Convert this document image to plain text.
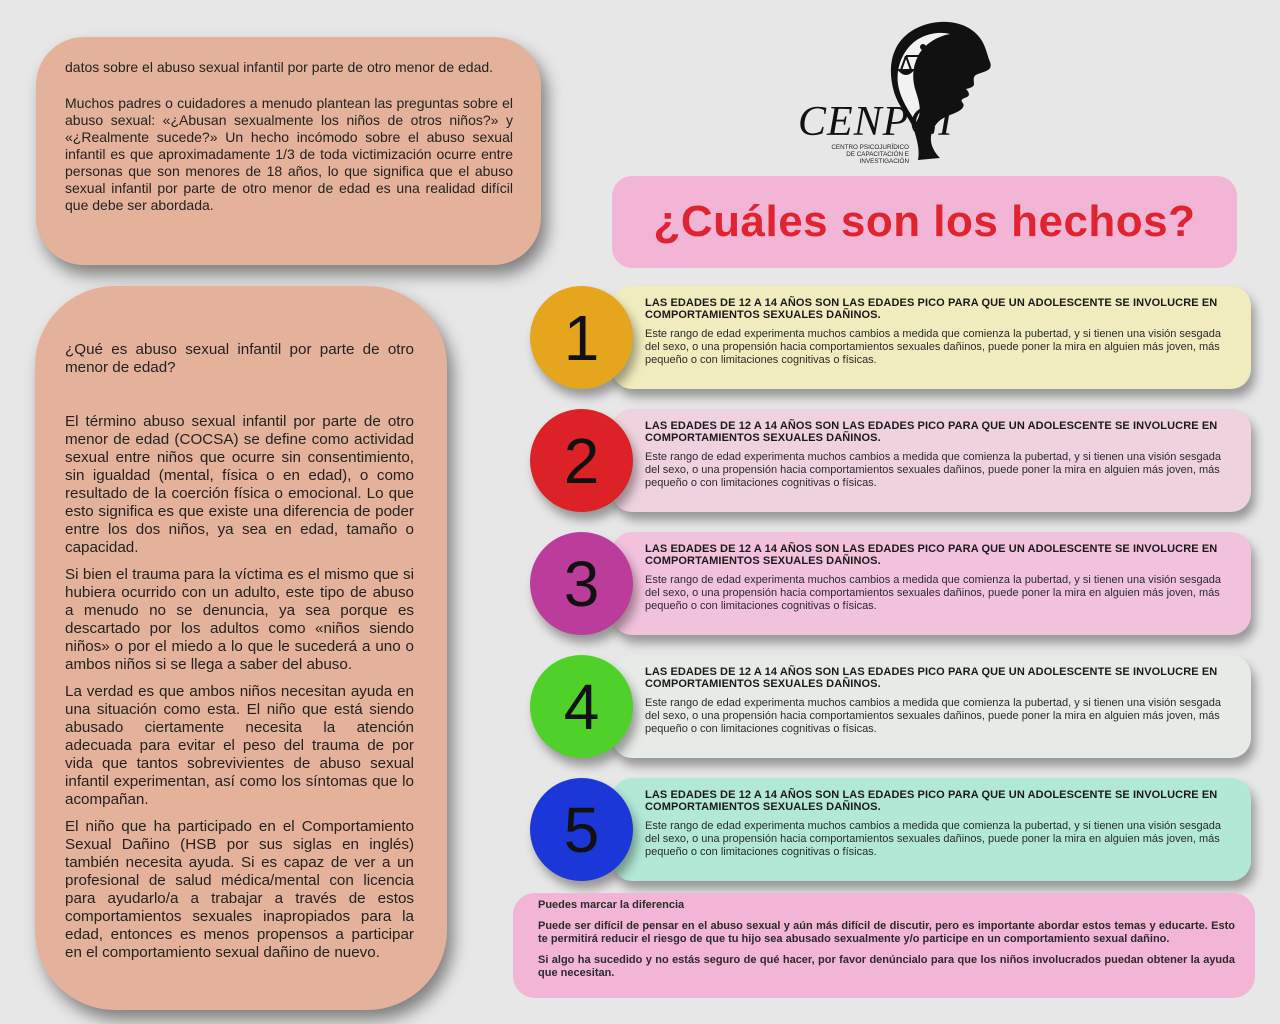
datos sobre el abuso sexual infantil por parte de otro menor de edad.

Muchos padres o cuidadores a menudo plantean las preguntas sobre el abuso sexual: «¿Abusan sexualmente los niños de otros niños?» y «¿Realmente sucede?» Un hecho incómodo sobre el abuso sexual infantil es que aproximadamente 1/3 de toda victimización ocurre entre personas que son menores de 18 años, lo que significa que el abuso sexual infantil por parte de otro menor de edad es una realidad difícil que debe ser abordada.

¿Qué es abuso sexual infantil por parte de otro menor de edad?

El término abuso sexual infantil por parte de otro menor de edad (COCSA) se define como actividad sexual entre niños que ocurre sin consentimiento, sin igualdad (mental, física o en edad), o como resultado de la coerción física o emocional. Lo que esto significa es que existe una diferencia de poder entre los dos niños, ya sea en edad, tamaño o capacidad.

Si bien el trauma para la víctima es el mismo que si hubiera ocurrido con un adulto, este tipo de abuso a menudo no se denuncia, ya sea porque es descartado por los adultos como «niños siendo niños» o por el miedo a lo que le sucederá a uno o ambos niños si se llega a saber del abuso.

La verdad es que ambos niños necesitan ayuda en una situación como esta. El niño que está siendo abusado ciertamente necesita la atención adecuada para evitar el peso del trauma de por vida que tantos sobrevivientes de abuso sexual infantil experimentan, así como los síntomas que lo acompañan.

El niño que ha participado en el Comportamiento Sexual Dañino (HSB por sus siglas en inglés) también necesita ayuda. Si es capaz de ver a un profesional de salud médica/mental con licencia para ayudarlo/a a trabajar a través de estos comportamientos sexuales inapropiados para la edad, entonces es menos propensos a participar en el comportamiento sexual dañino de nuevo.

CENPCI
CENTRO PSICOJURÍDICO
DE CAPACITACIÓN E INVESTIGACIÓN
¿Cuáles son los hechos?
LAS EDADES DE 12 A 14 AÑOS SON LAS EDADES PICO PARA QUE UN ADOLESCENTE SE INVOLUCRE EN COMPORTAMIENTOS SEXUALES DAÑINOS.
Este rango de edad experimenta muchos cambios a medida que comienza la pubertad, y si tienen una visión sesgada del sexo, o una propensión hacia comportamientos sexuales dañinos, puede poner la mira en alguien más joven, más pequeño o con limitaciones cognitivas o físicas.
1
LAS EDADES DE 12 A 14 AÑOS SON LAS EDADES PICO PARA QUE UN ADOLESCENTE SE INVOLUCRE EN COMPORTAMIENTOS SEXUALES DAÑINOS.
Este rango de edad experimenta muchos cambios a medida que comienza la pubertad, y si tienen una visión sesgada del sexo, o una propensión hacia comportamientos sexuales dañinos, puede poner la mira en alguien más joven, más pequeño o con limitaciones cognitivas o físicas.
2
LAS EDADES DE 12 A 14 AÑOS SON LAS EDADES PICO PARA QUE UN ADOLESCENTE SE INVOLUCRE EN COMPORTAMIENTOS SEXUALES DAÑINOS.
Este rango de edad experimenta muchos cambios a medida que comienza la pubertad, y si tienen una visión sesgada del sexo, o una propensión hacia comportamientos sexuales dañinos, puede poner la mira en alguien más joven, más pequeño o con limitaciones cognitivas o físicas.
3
LAS EDADES DE 12 A 14 AÑOS SON LAS EDADES PICO PARA QUE UN ADOLESCENTE SE INVOLUCRE EN COMPORTAMIENTOS SEXUALES DAÑINOS.
Este rango de edad experimenta muchos cambios a medida que comienza la pubertad, y si tienen una visión sesgada del sexo, o una propensión hacia comportamientos sexuales dañinos, puede poner la mira en alguien más joven, más pequeño o con limitaciones cognitivas o físicas.
4
LAS EDADES DE 12 A 14 AÑOS SON LAS EDADES PICO PARA QUE UN ADOLESCENTE SE INVOLUCRE EN COMPORTAMIENTOS SEXUALES DAÑINOS.
Este rango de edad experimenta muchos cambios a medida que comienza la pubertad, y si tienen una visión sesgada del sexo, o una propensión hacia comportamientos sexuales dañinos, puede poner la mira en alguien más joven, más pequeño o con limitaciones cognitivas o físicas.
5

Puedes marcar la diferencia

Puede ser difícil de pensar en el abuso sexual y aún más difícil de discutir, pero es importante abordar estos temas y educarte. Esto te permitirá reducir el riesgo de que tu hijo sea abusado sexualmente y/o participe en un comportamiento sexual dañino.

Si algo ha sucedido y no estás seguro de qué hacer, por favor denúncialo para que los niños involucrados puedan obtener la ayuda que necesitan.
